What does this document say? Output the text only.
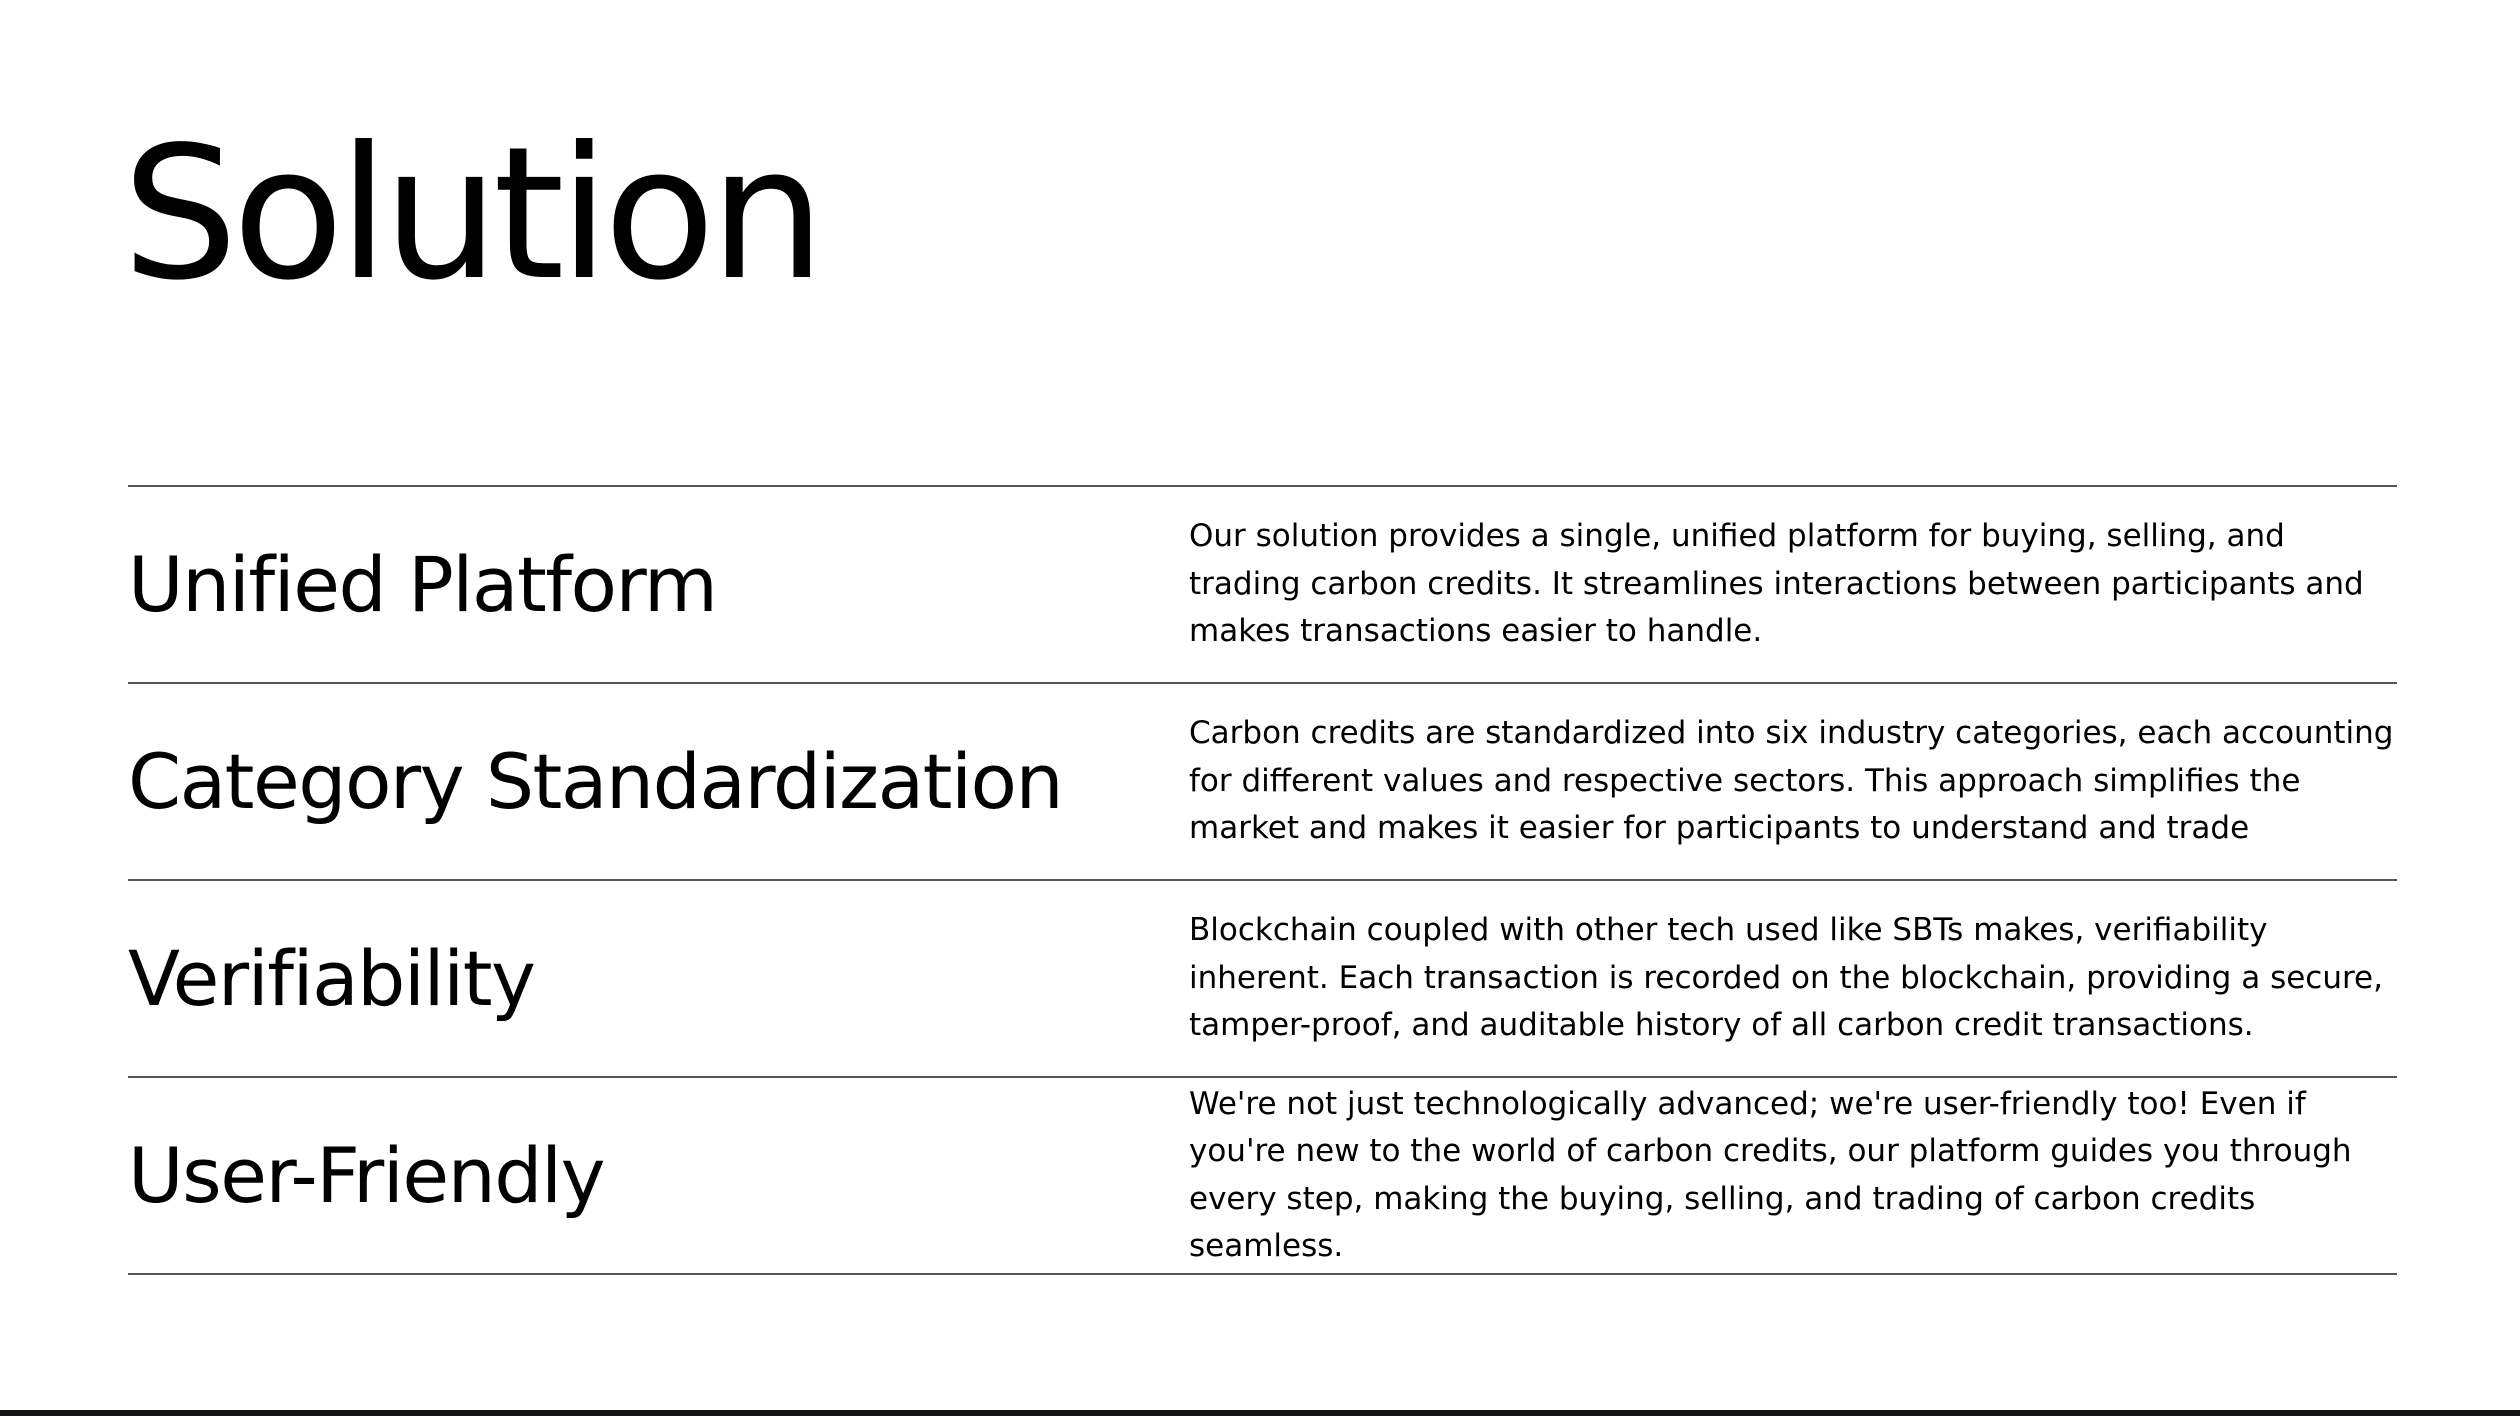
Solution
Unified Platform

Our solution provides a single, unified platform for buying, selling, and trading carbon credits. It streamlines interactions between participants and makes transactions easier to handle.

Category Standardization

Carbon credits are standardized into six industry categories, each accounting for different values and respective sectors. This approach simplifies the market and makes it easier for participants to understand and trade

Verifiability

Blockchain coupled with other tech used like SBTs makes, verifiability inherent. Each transaction is recorded on the blockchain, providing a secure, tamper-proof, and auditable history of all carbon credit transactions.

User-Friendly

We're not just technologically advanced; we're user-friendly too! Even if you're new to the world of carbon credits, our platform guides you through every step, making the buying, selling, and trading of carbon credits seamless.
